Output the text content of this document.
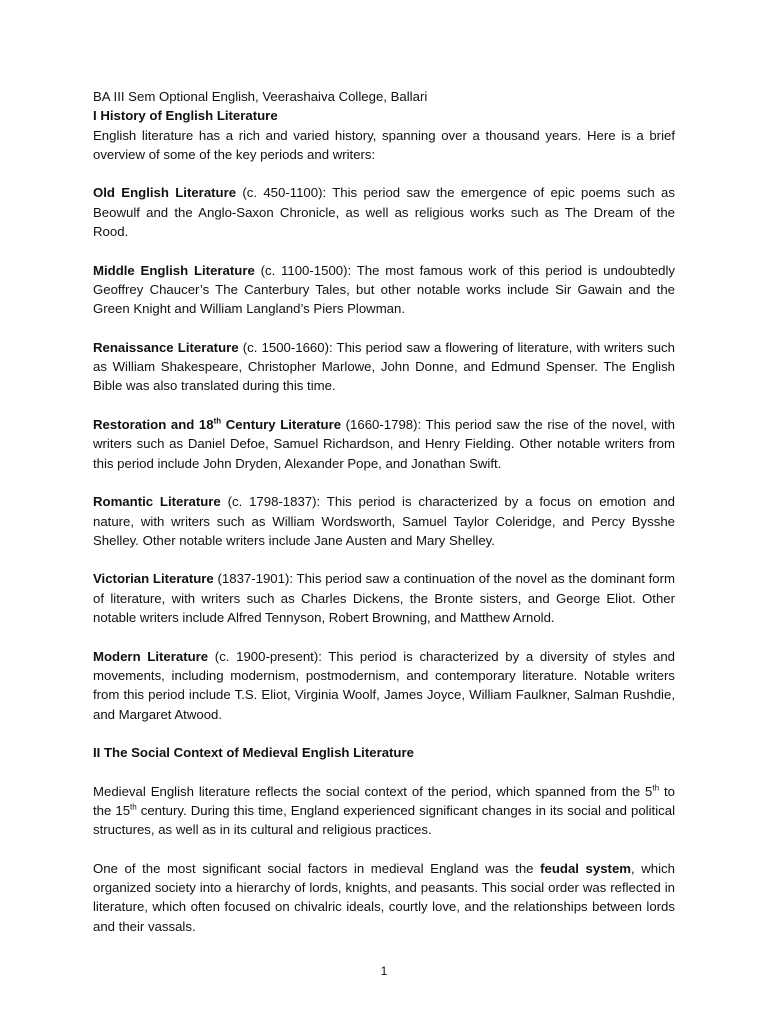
BA III Sem Optional English, Veerashaiva College, Ballari

I History of English Literature

English literature has a rich and varied history, spanning over a thousand years. Here is a brief overview of some of the key periods and writers:

Old English Literature (c. 450-1100): This period saw the emergence of epic poems such as Beowulf and the Anglo-Saxon Chronicle, as well as religious works such as The Dream of the Rood.

Middle English Literature (c. 1100-1500): The most famous work of this period is undoubtedly Geoffrey Chaucer’s The Canterbury Tales, but other notable works include Sir Gawain and the Green Knight and William Langland’s Piers Plowman.

Renaissance Literature (c. 1500-1660): This period saw a flowering of literature, with writers such as William Shakespeare, Christopher Marlowe, John Donne, and Edmund Spenser. The English Bible was also translated during this time.

Restoration and 18th Century Literature (1660-1798): This period saw the rise of the novel, with writers such as Daniel Defoe, Samuel Richardson, and Henry Fielding. Other notable writers from this period include John Dryden, Alexander Pope, and Jonathan Swift.

Romantic Literature (c. 1798-1837): This period is characterized by a focus on emotion and nature, with writers such as William Wordsworth, Samuel Taylor Coleridge, and Percy Bysshe Shelley. Other notable writers include Jane Austen and Mary Shelley.

Victorian Literature (1837-1901): This period saw a continuation of the novel as the dominant form of literature, with writers such as Charles Dickens, the Bronte sisters, and George Eliot. Other notable writers include Alfred Tennyson, Robert Browning, and Matthew Arnold.

Modern Literature (c. 1900-present): This period is characterized by a diversity of styles and movements, including modernism, postmodernism, and contemporary literature. Notable writers from this period include T.S. Eliot, Virginia Woolf, James Joyce, William Faulkner, Salman Rushdie, and Margaret Atwood.

II The Social Context of Medieval English Literature

Medieval English literature reflects the social context of the period, which spanned from the 5th to the 15th century. During this time, England experienced significant changes in its social and political structures, as well as in its cultural and religious practices.

One of the most significant social factors in medieval England was the feudal system, which organized society into a hierarchy of lords, knights, and peasants. This social order was reflected in literature, which often focused on chivalric ideals, courtly love, and the relationships between lords and their vassals.

1
